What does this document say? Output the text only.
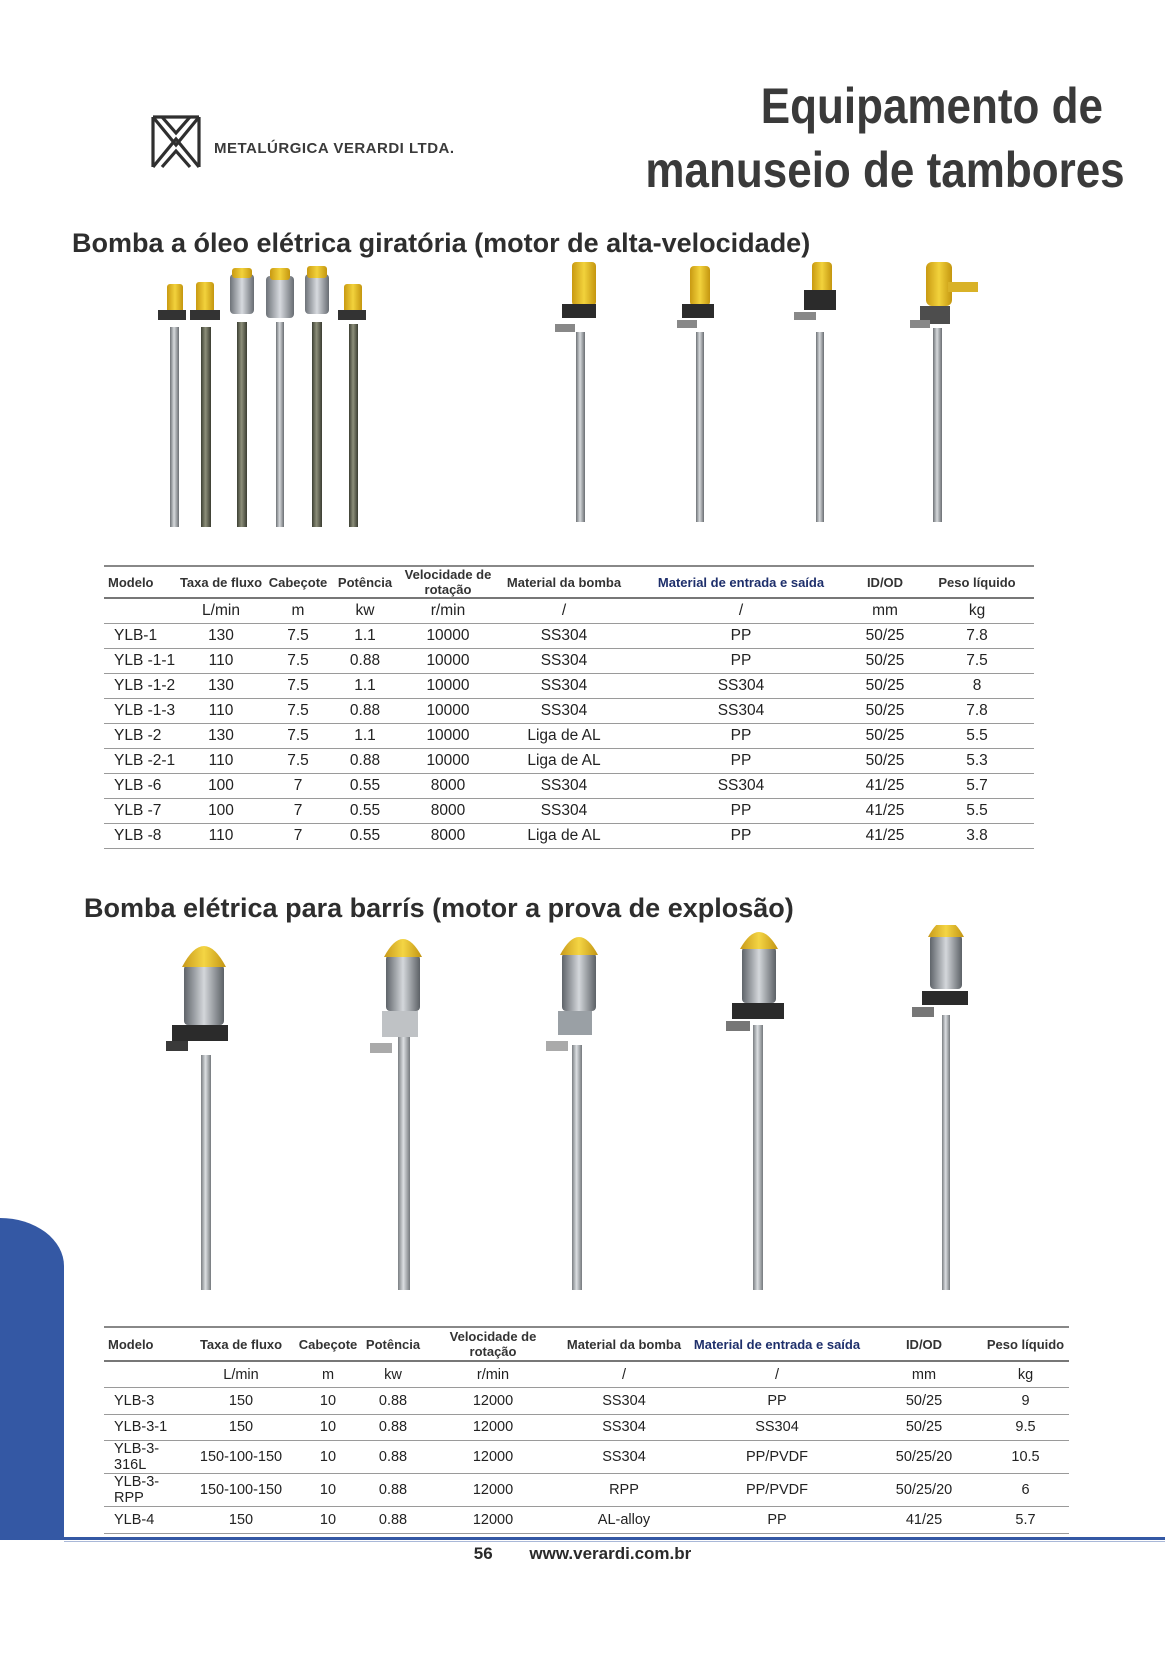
METALÚRGICA VERARDI LTDA.
Equipamento de
manuseio de tambores
Bomba a óleo elétrica giratória (motor de alta-velocidade)
Modelo	Taxa de fluxo	Cabeçote	Potência	Velocidade de rotação	Material da bomba	Material de entrada e saída	ID/OD	Peso líquido
	L/min	m	kw	r/min	/	/	mm	kg
YLB-1	130	7.5	1.1	10000	SS304	PP	50/25	7.8
YLB -1-1	110	7.5	0.88	10000	SS304	PP	50/25	7.5
YLB -1-2	130	7.5	1.1	10000	SS304	SS304	50/25	8
YLB -1-3	110	7.5	0.88	10000	SS304	SS304	50/25	7.8
YLB -2	130	7.5	1.1	10000	Liga de AL	PP	50/25	5.5
YLB -2-1	110	7.5	0.88	10000	Liga de AL	PP	50/25	5.3
YLB -6	100	7	0.55	8000	SS304	SS304	41/25	5.7
YLB -7	100	7	0.55	8000	SS304	PP	41/25	5.5
YLB -8	110	7	0.55	8000	Liga de AL	PP	41/25	3.8
Bomba elétrica para barrís (motor a prova de explosão)
Modelo	Taxa de fluxo	Cabeçote	Potência	Velocidade de rotação	Material da bomba	Material de entrada e saída	ID/OD	Peso líquido
	L/min	m	kw	r/min	/	/	mm	kg
YLB-3	150	10	0.88	12000	SS304	PP	50/25	9
YLB-3-1	150	10	0.88	12000	SS304	SS304	50/25	9.5
YLB-3-316L	150-100-150	10	0.88	12000	SS304	PP/PVDF	50/25/20	10.5
YLB-3-RPP	150-100-150	10	0.88	12000	RPP	PP/PVDF	50/25/20	6
YLB-4	150	10	0.88	12000	AL-alloy	PP	41/25	5.7
56 www.verardi.com.br
